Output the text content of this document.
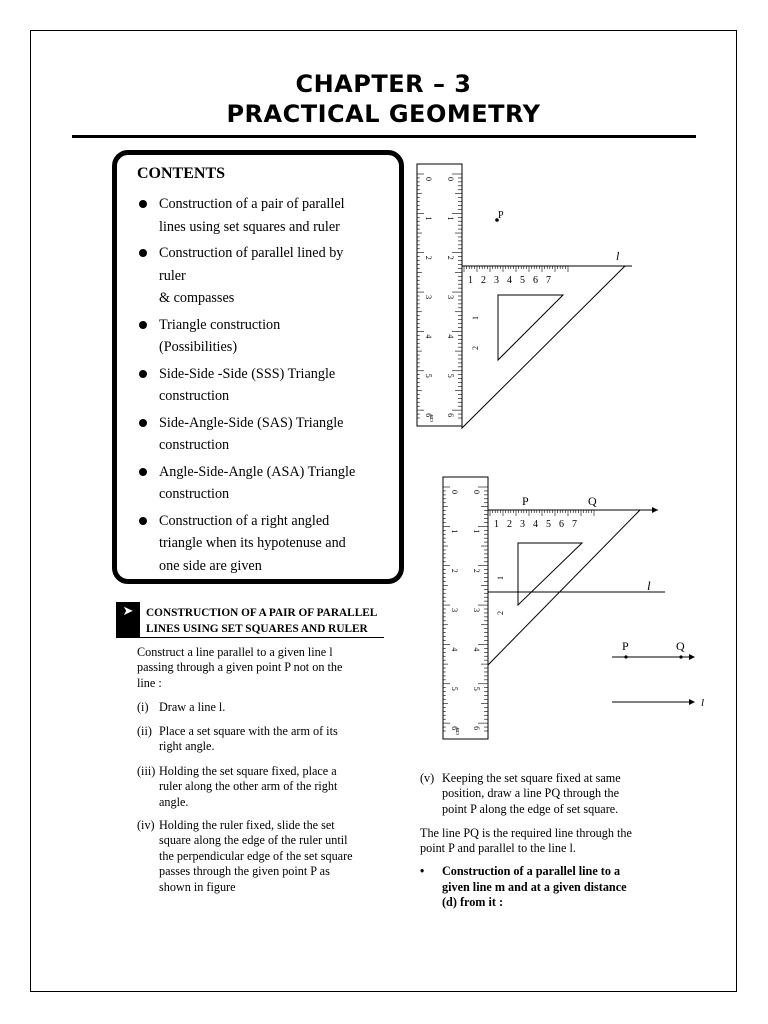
CHAPTER – 3
PRACTICAL GEOMETRY
CONTENTS
Construction of a pair of parallel
lines using set squares and ruler
Construction of parallel lined by
ruler
& compasses
Triangle construction
(Possibilities)
Side-Side -Side (SSS) Triangle
construction
Side-Angle-Side (SAS) Triangle
construction
Angle-Side-Angle (ASA) Triangle
construction
Construction of a right angled
triangle when its hypotenuse and
one side are given
➤	CONSTRUCTION OF A PAIR OF PARALLEL
LINES USING SET SQUARES AND RULER
Construct a line parallel to a given line l
passing through a given point P not on the
line :
(i) Draw a line l.
(ii) Place a set square with the arm of its
right angle.
(iii) Holding the set square fixed, place a
ruler along the other arm of the right
angle.
(iv) Holding the ruler fixed, slide the set
square along the edge of the ruler until
the perpendicular edge of the set square
passes through the given point P as
shown in figure
(v) Keeping the set square fixed at same
position, draw a line PQ through the
point P along the edge of set square.
The line PQ is the required line through the
point P and parallel to the line l.
• Construction of a parallel line to a
given line m and at a given distance
(d) from it :
0
0
1
1
2
2
3
3
4
4
5
5
6
6
cm
1 2 3 4 5 6 7
2
1
P
l
0
0
1
1
2
2
3
3
4
4
5
5
6
6
cm
1 2 3 4 5 6 7
2
1
P	Q
l
P	Q
l
